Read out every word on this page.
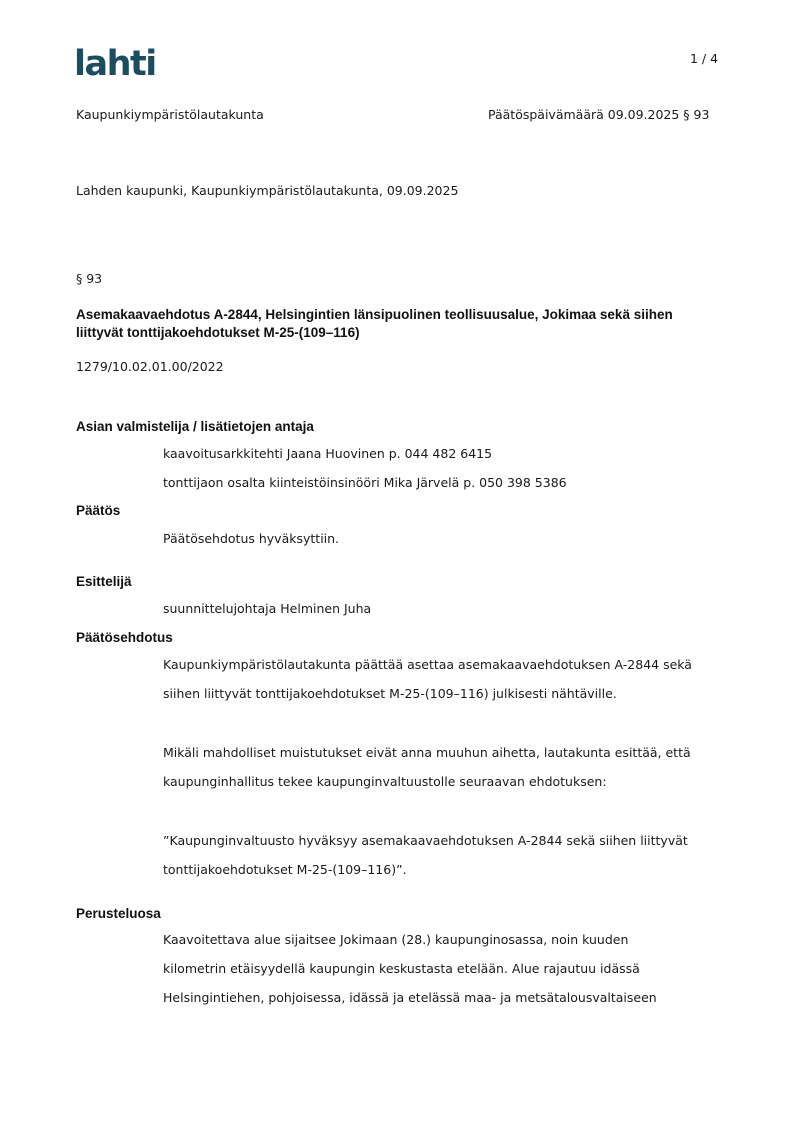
lahti	1 / 4
Kaupunkiympäristölautakunta	Päätöspäivämäärä 09.09.2025 § 93
Lahden kaupunki, Kaupunkiympäristölautakunta, 09.09.2025
§ 93
Asemakaavaehdotus A-2844, Helsingintien länsipuolinen teollisuusalue, Jokimaa sekä siihen
liittyvät tonttijakoehdotukset M-25-(109–116)
1279/10.02.01.00/2022
Asian valmistelija / lisätietojen antaja
kaavoitusarkkitehti Jaana Huovinen p. 044 482 6415
tonttijaon osalta kiinteistöinsinööri Mika Järvelä p. 050 398 5386
Päätös
Päätösehdotus hyväksyttiin.
Esittelijä
suunnittelujohtaja Helminen Juha
Päätösehdotus
Kaupunkiympäristölautakunta päättää asettaa asemakaavaehdotuksen A-2844 sekä
siihen liittyvät tonttijakoehdotukset M-25-(109–116) julkisesti nähtäville.
Mikäli mahdolliset muistutukset eivät anna muuhun aihetta, lautakunta esittää, että
kaupunginhallitus tekee kaupunginvaltuustolle seuraavan ehdotuksen:
”Kaupunginvaltuusto hyväksyy asemakaavaehdotuksen A-2844 sekä siihen liittyvät
tonttijakoehdotukset M-25-(109–116)”.
Perusteluosa
Kaavoitettava alue sijaitsee Jokimaan (28.) kaupunginosassa, noin kuuden
kilometrin etäisyydellä kaupungin keskustasta etelään. Alue rajautuu idässä
Helsingintiehen, pohjoisessa, idässä ja etelässä maa- ja metsätalousvaltaiseen
